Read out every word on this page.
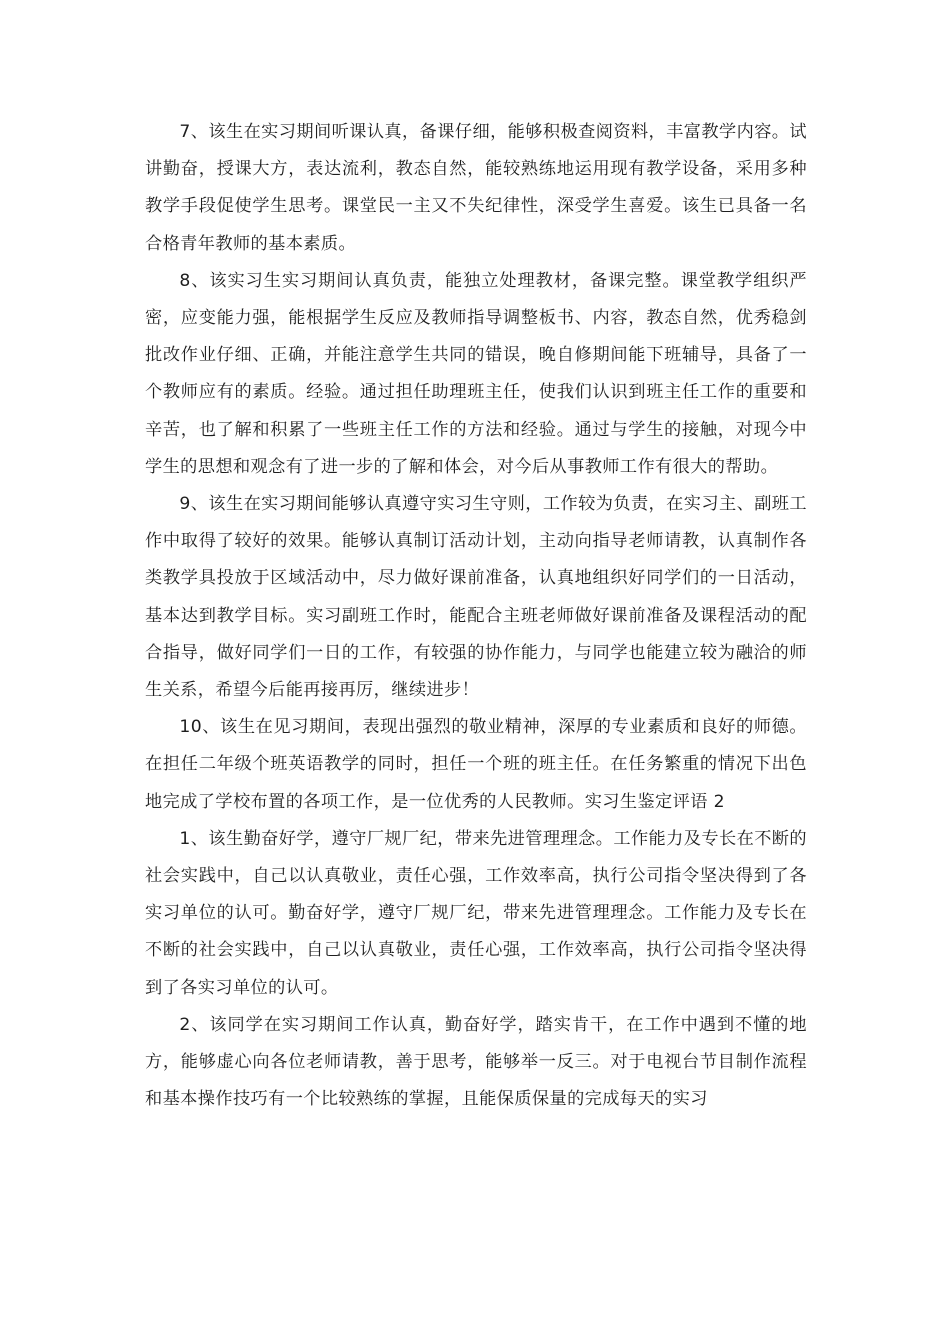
7、该生在实习期间听课认真，备课仔细，能够积极查阅资料，丰富教学内容。试讲勤奋，授课大方，表达流利，教态自然，能较熟练地运用现有教学设备，采用多种教学手段促使学生思考。课堂民一主又不失纪律性，深受学生喜爱。该生已具备一名合格青年教师的基本素质。

8、该实习生实习期间认真负责，能独立处理教材，备课完整。课堂教学组织严密，应变能力强，能根据学生反应及教师指导调整板书、内容，教态自然，优秀稳剑批改作业仔细、正确，并能注意学生共同的错误，晚自修期间能下班辅导，具备了一个教师应有的素质。经验。通过担任助理班主任，使我们认识到班主任工作的重要和辛苦，也了解和积累了一些班主任工作的方法和经验。通过与学生的接触，对现今中学生的思想和观念有了进一步的了解和体会，对今后从事教师工作有很大的帮助。

9、该生在实习期间能够认真遵守实习生守则，工作较为负责，在实习主、副班工作中取得了较好的效果。能够认真制订活动计划，主动向指导老师请教，认真制作各类教学具投放于区域活动中，尽力做好课前准备，认真地组织好同学们的一日活动，基本达到教学目标。实习副班工作时，能配合主班老师做好课前准备及课程活动的配合指导，做好同学们一日的工作，有较强的协作能力，与同学也能建立较为融洽的师生关系，希望今后能再接再厉，继续进步！

10、该生在见习期间，表现出强烈的敬业精神，深厚的专业素质和良好的师德。在担任二年级个班英语教学的同时，担任一个班的班主任。在任务繁重的情况下出色地完成了学校布置的各项工作，是一位优秀的人民教师。实习生鉴定评语 2

1、该生勤奋好学，遵守厂规厂纪，带来先进管理理念。工作能力及专长在不断的社会实践中，自己以认真敬业，责任心强，工作效率高，执行公司指令坚决得到了各实习单位的认可。勤奋好学，遵守厂规厂纪，带来先进管理理念。工作能力及专长在不断的社会实践中，自己以认真敬业，责任心强，工作效率高，执行公司指令坚决得到了各实习单位的认可。

2、该同学在实习期间工作认真，勤奋好学，踏实肯干，在工作中遇到不懂的地方，能够虚心向各位老师请教，善于思考，能够举一反三。对于电视台节目制作流程和基本操作技巧有一个比较熟练的掌握，且能保质保量的完成每天的实习
